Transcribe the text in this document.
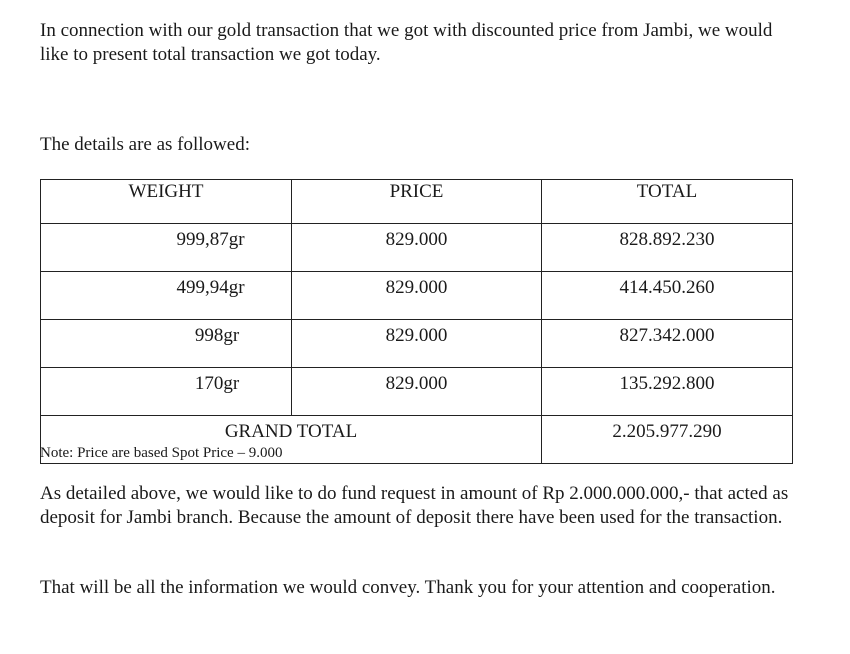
In connection with our gold transaction that we got with discounted price from Jambi, we would like to present total transaction we got today.

The details are as followed:

WEIGHT	PRICE	TOTAL
999,87gr	829.000	828.892.230
499,94gr	829.000	414.450.260
998gr	829.000	827.342.000
170gr	829.000	135.292.800
GRAND TOTAL		2.205.977.290

Note: Price are based Spot Price – 9.000

As detailed above, we would like to do fund request in amount of Rp 2.000.000.000,- that acted as deposit for Jambi branch. Because the amount of deposit there have been used for the transaction.

That will be all the information we would convey. Thank you for your attention and cooperation.
